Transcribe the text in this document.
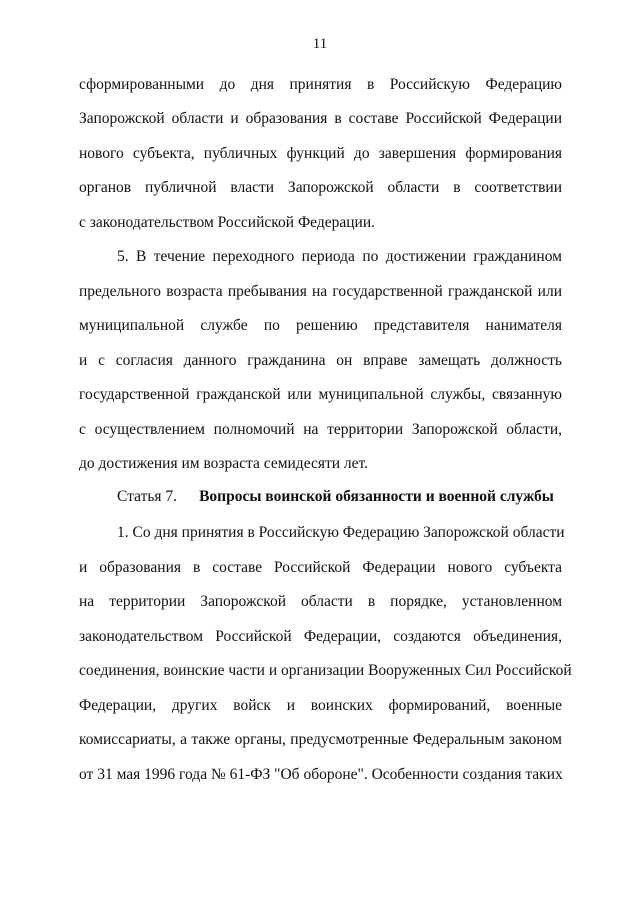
11
сформированными до дня принятия в Российскую Федерацию
Запорожской области и образования в составе Российской Федерации
нового субъекта, публичных функций до завершения формирования
органов публичной власти Запорожской области в соответствии
с законодательством Российской Федерации.
5. В течение переходного периода по достижении гражданином
предельного возраста пребывания на государственной гражданской или
муниципальной службе по решению представителя нанимателя
и с согласия данного гражданина он вправе замещать должность
государственной гражданской или муниципальной службы, связанную
с осуществлением полномочий на территории Запорожской области,
до достижения им возраста семидесяти лет.
Статья 7. Вопросы воинской обязанности и военной службы
1. Со дня принятия в Российскую Федерацию Запорожской области
и образования в составе Российской Федерации нового субъекта
на территории Запорожской области в порядке, установленном
законодательством Российской Федерации, создаются объединения,
соединения, воинские части и организации Вооруженных Сил Российской
Федерации, других войск и воинских формирований, военные
комиссариаты, а также органы, предусмотренные Федеральным законом
от 31 мая 1996 года № 61-ФЗ "Об обороне". Особенности создания таких
